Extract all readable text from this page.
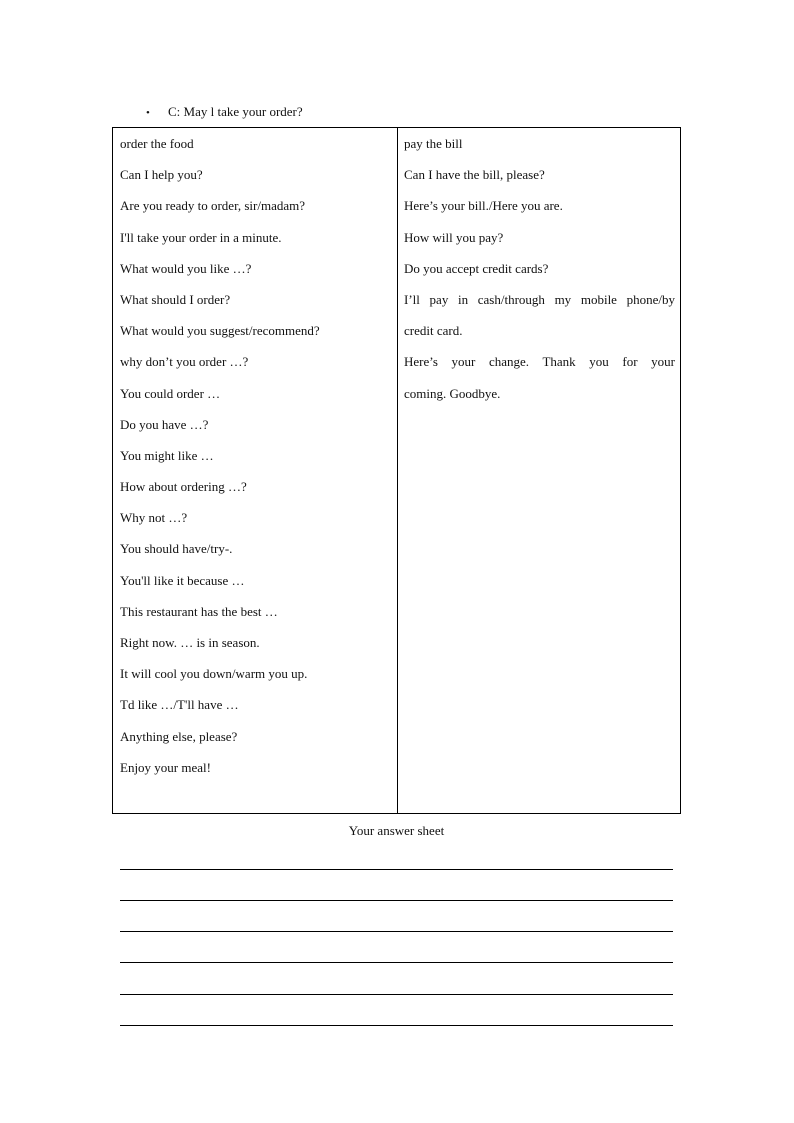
• C: May l take your order?
order the food
Can I help you?
Are you ready to order, sir/madam?
I'll take your order in a minute.
What would you like …?
What should I order?
What would you suggest/recommend?
why don’t you order …?
You could order …
Do you have …?
You might like …
How about ordering …?
Why not …?
You should have/try-.
You'll like it because …
This restaurant has the best …
Right now. … is in season.
It will cool you down/warm you up.
Td like …/T'll have …
Anything else, please?
Enjoy your meal!
pay the bill
Can I have the bill, please?
Here’s your bill./Here you are.
How will you pay?
Do you accept credit cards?
I’ll pay in cash/through my mobile phone/by
credit card.
Here’s your change. Thank you for your
coming. Goodbye.
Your answer sheet
